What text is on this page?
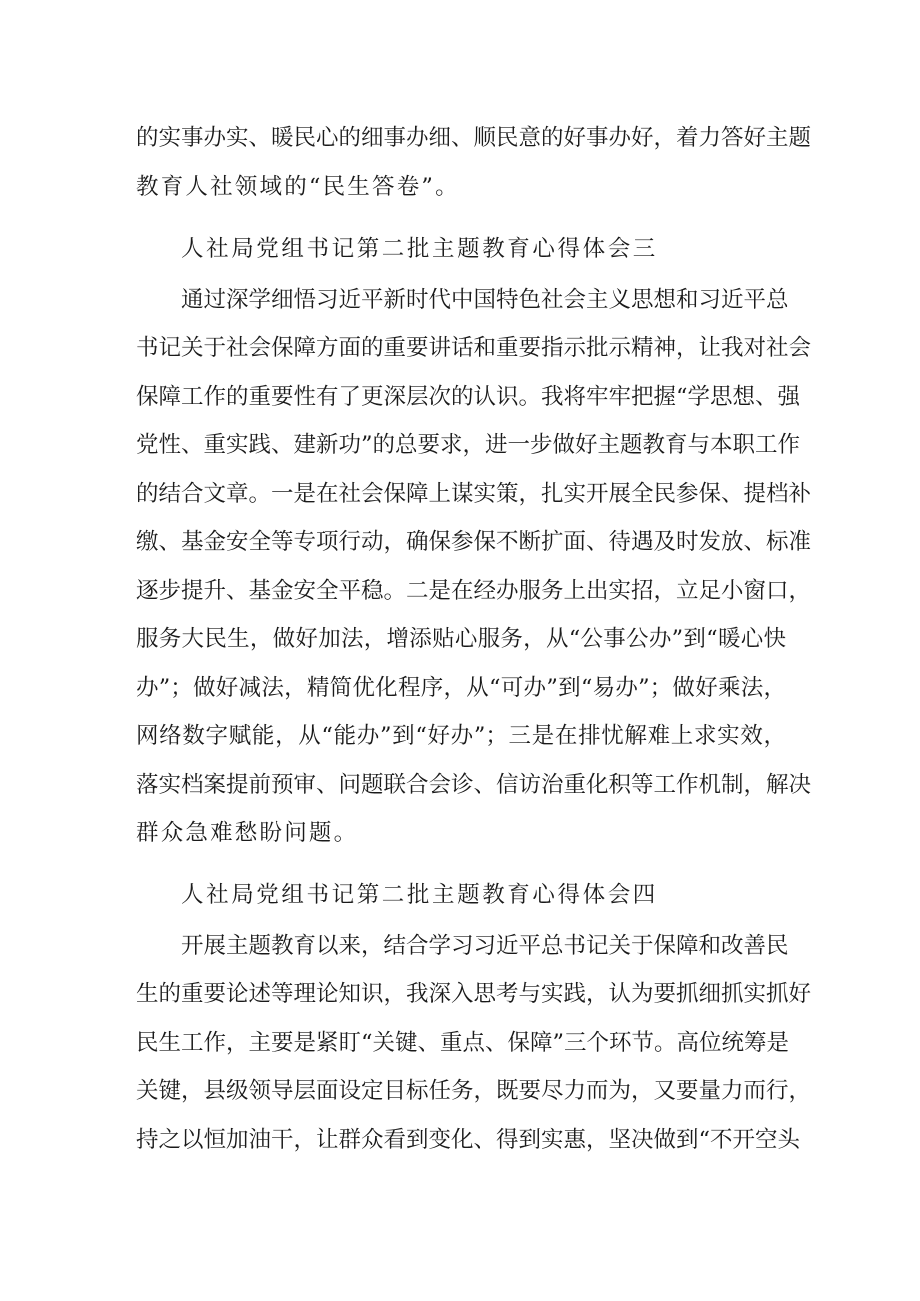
的实事办实、暖民心的细事办细、顺民意的好事办好，着力答好主题
教育人社领域的“民生答卷”。
人社局党组书记第二批主题教育心得体会三
通过深学细悟习近平新时代中国特色社会主义思想和习近平总
书记关于社会保障方面的重要讲话和重要指示批示精神，让我对社会
保障工作的重要性有了更深层次的认识。我将牢牢把握“学思想、强
党性、重实践、建新功”的总要求，进一步做好主题教育与本职工作
的结合文章。一是在社会保障上谋实策，扎实开展全民参保、提档补
缴、基金安全等专项行动，确保参保不断扩面、待遇及时发放、标准
逐步提升、基金安全平稳。二是在经办服务上出实招，立足小窗口，
服务大民生，做好加法，增添贴心服务，从“公事公办”到“暖心快
办”；做好减法，精简优化程序，从“可办”到“易办”；做好乘法，
网络数字赋能，从“能办”到“好办”；三是在排忧解难上求实效，
落实档案提前预审、问题联合会诊、信访治重化积等工作机制，解决
群众急难愁盼问题。
人社局党组书记第二批主题教育心得体会四
开展主题教育以来，结合学习习近平总书记关于保障和改善民
生的重要论述等理论知识，我深入思考与实践，认为要抓细抓实抓好
民生工作，主要是紧盯“关键、重点、保障”三个环节。高位统筹是
关键，县级领导层面设定目标任务，既要尽力而为，又要量力而行，
持之以恒加油干，让群众看到变化、得到实惠，坚决做到“不开空头
